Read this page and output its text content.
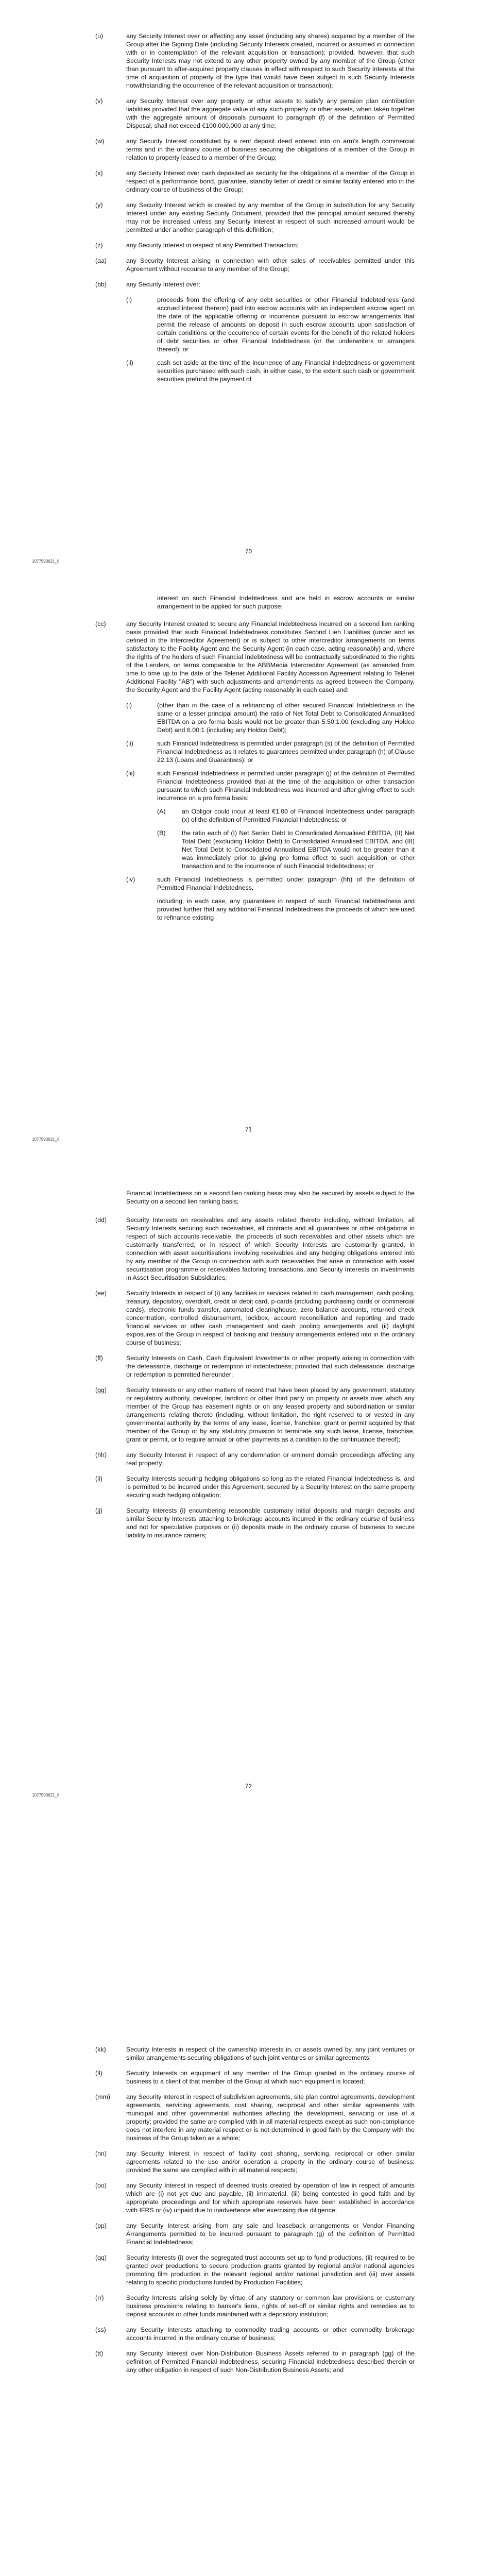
(u)	any Security Interest over or affecting any asset (including any shares) acquired by a member of the Group after the Signing Date (including Security Interests created, incurred or assumed in connection with or in contemplation of the relevant acquisition or transaction); provided, however, that such Security Interests may not extend to any other property owned by any member of the Group (other than pursuant to after-acquired property clauses in effect with respect to such Security Interests at the time of acquisition of property of the type that would have been subject to such Security Interests notwithstanding the occurrence of the relevant acquisition or transaction);
(v)	any Security Interest over any property or other assets to satisfy any pension plan contribution liabilities provided that the aggregate value of any such property or other assets, when taken together with the aggregate amount of disposals pursuant to paragraph (f) of the definition of Permitted Disposal, shall not exceed €100,000,000 at any time;
(w)	any Security Interest constituted by a rent deposit deed entered into on arm's length commercial terms and in the ordinary course of business securing the obligations of a member of the Group in relation to property leased to a member of the Group;
(x)	any Security Interest over cash deposited as security for the obligations of a member of the Group in respect of a performance bond, guarantee, standby letter of credit or similar facility entered into in the ordinary course of business of the Group;
(y)	any Security Interest which is created by any member of the Group in substitution for any Security Interest under any existing Security Document, provided that the principal amount secured thereby may not be increased unless any Security Interest in respect of such increased amount would be permitted under another paragraph of this definition;
(z)	any Security Interest in respect of any Permitted Transaction;
(aa)	any Security Interest arising in connection with other sales of receivables permitted under this Agreement without recourse to any member of the Group;
(bb)	any Security Interest over:
(i)	proceeds from the offering of any debt securities or other Financial Indebtedness (and accrued interest thereon) paid into escrow accounts with an independent escrow agent on the date of the applicable offering or incurrence pursuant to escrow arrangements that permit the release of amounts on deposit in such escrow accounts upon satisfaction of certain conditions or the occurrence of certain events for the benefit of the related holders of debt securities or other Financial Indebtedness (or the underwriters or arrangers thereof); or
(ii)	cash set aside at the time of the incurrence of any Financial Indebtedness or government securities purchased with such cash, in either case, to the extent such cash or government securities prefund the payment of
70
1077593621_6
interest on such Financial Indebtedness and are held in escrow accounts or similar arrangement to be applied for such purpose;
(cc)	any Security Interest created to secure any Financial Indebtedness incurred on a second lien ranking basis provided that such Financial Indebtedness constitutes Second Lien Liabilities (under and as defined in the Intercreditor Agreement) or is subject to other intercreditor arrangements on terms satisfactory to the Facility Agent and the Security Agent (in each case, acting reasonably) and, where the rights of the holders of such Financial Indebtedness will be contractually subordinated to the rights of the Lenders, on terms comparable to the ABBMedia Intercreditor Agreement (as amended from time to time up to the date of the Telenet Additional Facility Accession Agreement relating to Telenet Additional Facility "AB") with such adjustments and amendments as agreed between the Company, the Security Agent and the Facility Agent (acting reasonably in each case) and:
(i)	(other than in the case of a refinancing of other secured Financial Indebtedness in the same or a lesser principal amount) the ratio of Net Total Debt to Consolidated Annualised EBITDA on a pro forma basis would not be greater than 5.50:1.00 (excluding any Holdco Debt) and 6.00:1 (including any Holdco Debt);
(ii)	such Financial Indebtedness is permitted under paragraph (s) of the definition of Permitted Financial Indebtedness as it relates to guarantees permitted under paragraph (h) of Clause 22.13 (Loans and Guarantees); or
(iii)	such Financial Indebtedness is permitted under paragraph (j) of the definition of Permitted Financial Indebtedness provided that at the time of the acquisition or other transaction pursuant to which such Financial Indebtedness was incurred and after giving effect to such incurrence on a pro forma basis:
(A)	an Obligor could incur at least €1.00 of Financial Indebtedness under paragraph (x) of the definition of Permitted Financial Indebtedness; or
(B)	the ratio each of (I) Net Senior Debt to Consolidated Annualised EBITDA, (II) Net Total Debt (excluding Holdco Debt) to Consolidated Annualised EBITDA, and (III) Net Total Debt to Consolidated Annualised EBITDA would not be greater than it was immediately prior to giving pro forma effect to such acquisition or other transaction and to the incurrence of such Financial Indebtedness; or
(iv)	such Financial Indebtedness is permitted under paragraph (hh) of the definition of Permitted Financial Indebtedness,
including, in each case, any guarantees in respect of such Financial Indebtedness and provided further that any additional Financial Indebtedness the proceeds of which are used to refinance existing
71
1077593621_6
Financial Indebtedness on a second lien ranking basis may also be secured by assets subject to the Security on a second lien ranking basis;
(dd)	Security Interests on receivables and any assets related thereto including, without limitation, all Security Interests securing such receivables, all contracts and all guarantees or other obligations in respect of such accounts receivable, the proceeds of such receivables and other assets which are customarily transferred, or in respect of which Security Interests are customarily granted, in connection with asset securitisations involving receivables and any hedging obligations entered into by any member of the Group in connection with such receivables that arise in connection with asset securitisation programme or receivables factoring transactions, and Security Interests on investments in Asset Securitisation Subsidiaries;
(ee)	Security Interests in respect of (i) any facilities or services related to cash management, cash pooling, treasury, depository, overdraft, credit or debit card, p-cards (including purchasing cards or commercial cards), electronic funds transfer, automated clearinghouse, zero balance accounts, returned check concentration, controlled disbursement, lockbox, account reconciliation and reporting and trade financial services or other cash management and cash pooling arrangements and (ii) daylight exposures of the Group in respect of banking and treasury arrangements entered into in the ordinary course of business;
(ff)	Security Interests on Cash, Cash Equivalent Investments or other property arising in connection with the defeasance, discharge or redemption of indebtedness; provided that such defeasance, discharge or redemption is permitted hereunder;
(gg)	Security Interests or any other matters of record that have been placed by any government, statutory or regulatory authority, developer, landlord or other third party on property or assets over which any member of the Group has easement rights or on any leased property and subordination or similar arrangements relating thereto (including, without limitation, the right reserved to or vested in any governmental authority by the terms of any lease, license, franchise, grant or permit acquired by that member of the Group or by any statutory provision to terminate any such lease, license, franchise, grant or permit, or to require annual or other payments as a condition to the continuance thereof);
(hh)	any Security Interest in respect of any condemnation or eminent domain proceedings affecting any real property;
(ii)	Security Interests securing hedging obligations so long as the related Financial Indebtedness is, and is permitted to be incurred under this Agreement, secured by a Security Interest on the same property securing such hedging obligation;
(jj)	Security Interests (i) encumbering reasonable customary initial deposits and margin deposits and similar Security Interests attaching to brokerage accounts incurred in the ordinary course of business and not for speculative purposes or (ii) deposits made in the ordinary course of business to secure liability to insurance carriers;
72
1077593621_6
(kk)	Security Interests in respect of the ownership interests in, or assets owned by, any joint ventures or similar arrangements securing obligations of such joint ventures or similar agreements;
(ll)	Security Interests on equipment of any member of the Group granted in the ordinary course of business to a client of that member of the Group at which such equipment is located;
(mm)	any Security Interest in respect of subdivision agreements, site plan control agreements, development agreements, servicing agreements, cost sharing, reciprocal and other similar agreements with municipal and other governmental authorities affecting the development, servicing or use of a property; provided the same are complied with in all material respects except as such non-compliance does not interfere in any material respect or is not determined in good faith by the Company with the business of the Group taken as a whole;
(nn)	any Security Interest in respect of facility cost sharing, servicing, reciprocal or other similar agreements related to the use and/or operation a property in the ordinary course of business; provided the same are complied with in all material respects;
(oo)	any Security Interest in respect of deemed trusts created by operation of law in respect of amounts which are (i) not yet due and payable, (ii) immaterial, (iii) being contested in good faith and by appropriate proceedings and for which appropriate reserves have been established in accordance with IFRS or (iv) unpaid due to inadvertence after exercising due diligence;
(pp)	any Security Interest arising from any sale and leaseback arrangements or Vendor Financing Arrangements permitted to be incurred pursuant to paragraph (g) of the definition of Permitted Financial Indebtedness;
(qq)	Security Interests (i) over the segregated trust accounts set up to fund productions, (ii) required to be granted over productions to secure production grants granted by regional and/or national agencies promoting film production in the relevant regional and/or national jurisdiction and (iii) over assets relating to specific productions funded by Production Facilities;
(rr)	Security Interests arising solely by virtue of any statutory or common law provisions or customary business provisions relating to banker's liens, rights of set-off or similar rights and remedies as to deposit accounts or other funds maintained with a depository institution;
(ss)	any Security Interests attaching to commodity trading accounts or other commodity brokerage accounts incurred in the ordinary course of business;
(tt)	any Security Interest over Non-Distribution Business Assets referred to in paragraph (gg) of the definition of Permitted Financial Indebtedness, securing Financial Indebtedness described therein or any other obligation in respect of such Non-Distribution Business Assets; and
